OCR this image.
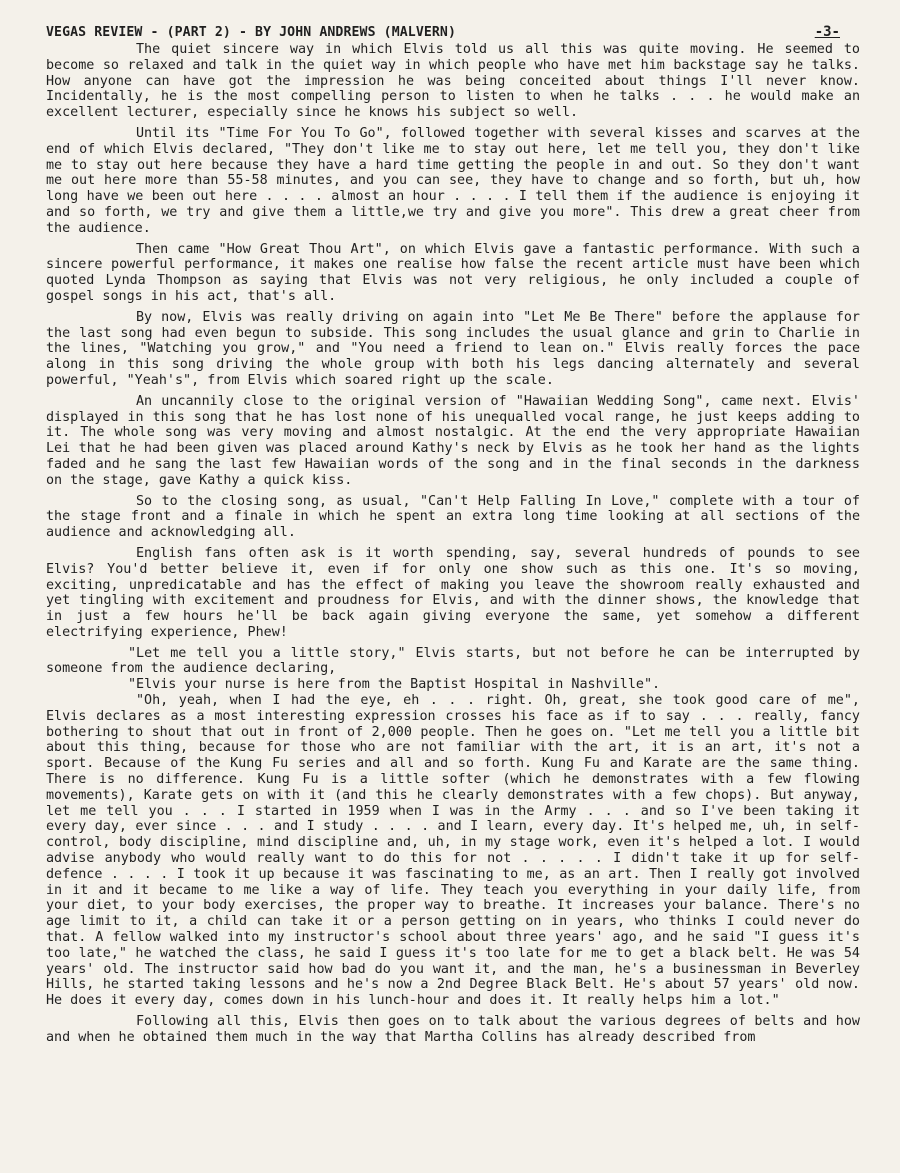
VEGAS REVIEW - (PART 2) - BY JOHN ANDREWS (MALVERN)	-3-

The quiet sincere way in which Elvis told us all this was quite moving. He seemed to become so relaxed and talk in the quiet way in which people who have met him backstage say he talks. How anyone can have got the impression he was being conceited about things I'll never know. Incidentally, he is the most compelling person to listen to when he talks . . . he would make an excellent lecturer, especially since he knows his subject so well.

Until its "Time For You To Go", followed together with several kisses and scarves at the end of which Elvis declared, "They don't like me to stay out here, let me tell you, they don't like me to stay out here because they have a hard time getting the people in and out. So they don't want me out here more than 55-58 minutes, and you can see, they have to change and so forth, but uh, how long have we been out here . . . . almost an hour . . . . I tell them if the audience is enjoying it and so forth, we try and give them a little,we try and give you more". This drew a great cheer from the audience.

Then came "How Great Thou Art", on which Elvis gave a fantastic performance. With such a sincere powerful performance, it makes one realise how false the recent article must have been which quoted Lynda Thompson as saying that Elvis was not very religious, he only included a couple of gospel songs in his act, that's all.

By now, Elvis was really driving on again into "Let Me Be There" before the applause for the last song had even begun to subside. This song includes the usual glance and grin to Charlie in the lines, "Watching you grow," and "You need a friend to lean on." Elvis really forces the pace along in this song driving the whole group with both his legs dancing alternately and several powerful, "Yeah's", from Elvis which soared right up the scale.

An uncannily close to the original version of "Hawaiian Wedding Song", came next. Elvis' displayed in this song that he has lost none of his unequalled vocal range, he just keeps adding to it. The whole song was very moving and almost nostalgic. At the end the very appropriate Hawaiian Lei that he had been given was placed around Kathy's neck by Elvis as he took her hand as the lights faded and he sang the last few Hawaiian words of the song and in the final seconds in the darkness on the stage, gave Kathy a quick kiss.

So to the closing song, as usual, "Can't Help Falling In Love," complete with a tour of the stage front and a finale in which he spent an extra long time looking at all sections of the audience and acknowledging all.

English fans often ask is it worth spending, say, several hundreds of pounds to see Elvis? You'd better believe it, even if for only one show such as this one. It's so moving, exciting, unpredicatable and has the effect of making you leave the showroom really exhausted and yet tingling with excitement and proudness for Elvis, and with the dinner shows, the knowledge that in just a few hours he'll be back again giving everyone the same, yet somehow a different electrifying experience, Phew!

"Let me tell you a little story," Elvis starts, but not before he can be interrupted by someone from the audience declaring,

"Elvis your nurse is here from the Baptist Hospital in Nashville".

"Oh, yeah, when I had the eye, eh . . . right. Oh, great, she took good care of me", Elvis declares as a most interesting expression crosses his face as if to say . . . really, fancy bothering to shout that out in front of 2,000 people. Then he goes on. "Let me tell you a little bit about this thing, because for those who are not familiar with the art, it is an art, it's not a sport. Because of the Kung Fu series and all and so forth. Kung Fu and Karate are the same thing. There is no difference. Kung Fu is a little softer (which he demonstrates with a few flowing movements), Karate gets on with it (and this he clearly demonstrates with a few chops). But anyway, let me tell you . . . I started in 1959 when I was in the Army . . . and so I've been taking it every day, ever since . . . and I study . . . . and I learn, every day. It's helped me, uh, in self-control, body discipline, mind discipline and, uh, in my stage work, even it's helped a lot. I would advise anybody who would really want to do this for not . . . . . I didn't take it up for self-defence . . . . I took it up because it was fascinating to me, as an art. Then I really got involved in it and it became to me like a way of life. They teach you everything in your daily life, from your diet, to your body exercises, the proper way to breathe. It increases your balance. There's no age limit to it, a child can take it or a person getting on in years, who thinks I could never do that. A fellow walked into my instructor's school about three years' ago, and he said "I guess it's too late," he watched the class, he said I guess it's too late for me to get a black belt. He was 54 years' old. The instructor said how bad do you want it, and the man, he's a businessman in Beverley Hills, he started taking lessons and he's now a 2nd Degree Black Belt. He's about 57 years' old now. He does it every day, comes down in his lunch-hour and does it. It really helps him a lot."

Following all this, Elvis then goes on to talk about the various degrees of belts and how and when he obtained them much in the way that Martha Collins has already described from
